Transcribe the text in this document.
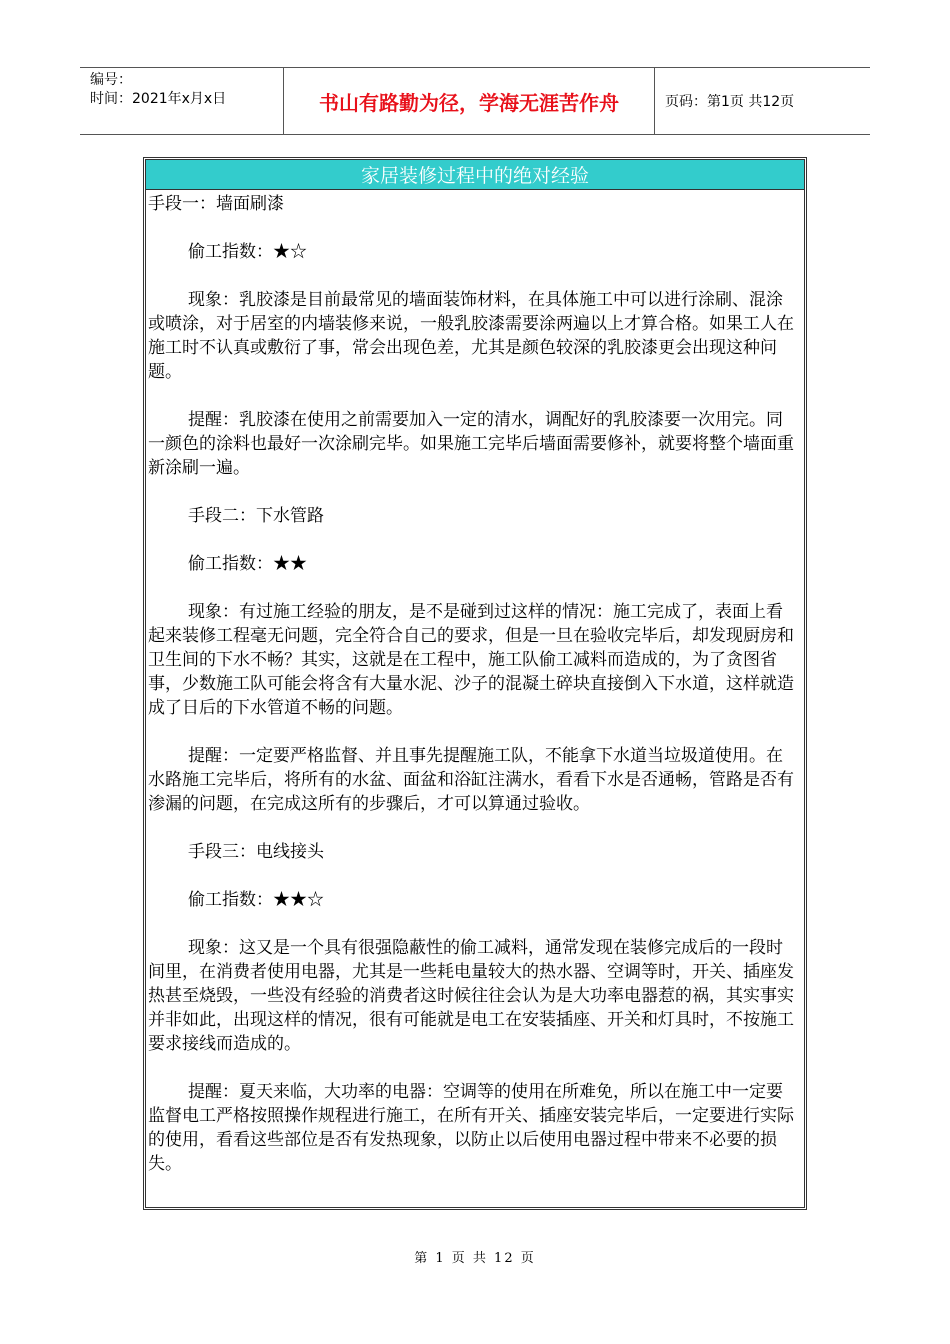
编号：
时间：2021年x月x日	书山有路勤为径，学海无涯苦作舟	页码：第1页 共12页
家居装修过程中的绝对经验

手段一：墙面刷漆

偷工指数：★☆

现象：乳胶漆是目前最常见的墙面装饰材料，在具体施工中可以进行涂刷、混涂或喷涂，对于居室的内墙装修来说，一般乳胶漆需要涂两遍以上才算合格。如果工人在施工时不认真或敷衍了事，常会出现色差，尤其是颜色较深的乳胶漆更会出现这种问题。

提醒：乳胶漆在使用之前需要加入一定的清水，调配好的乳胶漆要一次用完。同一颜色的涂料也最好一次涂刷完毕。如果施工完毕后墙面需要修补，就要将整个墙面重新涂刷一遍。

手段二：下水管路

偷工指数：★★

现象：有过施工经验的朋友，是不是碰到过这样的情况：施工完成了，表面上看起来装修工程毫无问题，完全符合自己的要求，但是一旦在验收完毕后，却发现厨房和卫生间的下水不畅？其实，这就是在工程中，施工队偷工减料而造成的，为了贪图省事，少数施工队可能会将含有大量水泥、沙子的混凝土碎块直接倒入下水道，这样就造成了日后的下水管道不畅的问题。

提醒：一定要严格监督、并且事先提醒施工队，不能拿下水道当垃圾道使用。在水路施工完毕后，将所有的水盆、面盆和浴缸注满水，看看下水是否通畅，管路是否有渗漏的问题，在完成这所有的步骤后，才可以算通过验收。

手段三：电线接头

偷工指数：★★☆

现象：这又是一个具有很强隐蔽性的偷工减料，通常发现在装修完成后的一段时间里，在消费者使用电器，尤其是一些耗电量较大的热水器、空调等时，开关、插座发热甚至烧毁，一些没有经验的消费者这时候往往会认为是大功率电器惹的祸，其实事实并非如此，出现这样的情况，很有可能就是电工在安装插座、开关和灯具时，不按施工要求接线而造成的。

提醒：夏天来临，大功率的电器：空调等的使用在所难免，所以在施工中一定要监督电工严格按照操作规程进行施工，在所有开关、插座安装完毕后，一定要进行实际的使用，看看这些部位是否有发热现象，以防止以后使用电器过程中带来不必要的损失。

第 1 页 共 12 页
